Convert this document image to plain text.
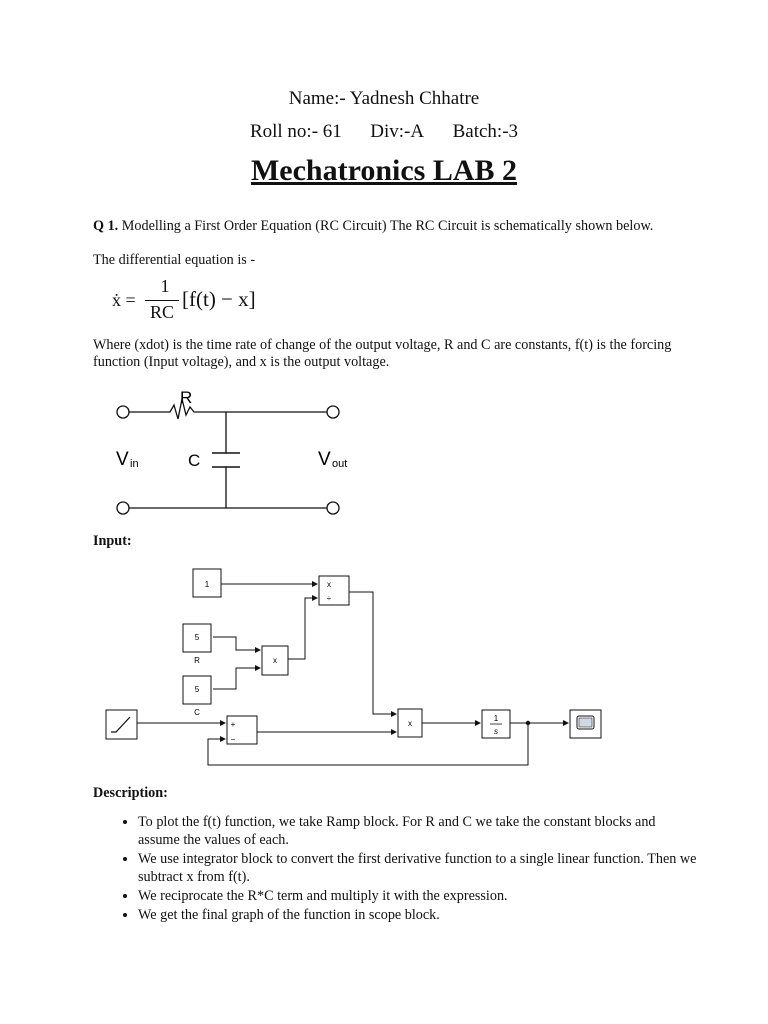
Name:- Yadnesh Chhatre
Roll no:- 61 Div:-A Batch:-3
Mechatronics LAB 2
Q 1. Modelling a First Order Equation (RC Circuit) The RC Circuit is schematically shown below.
The differential equation is -
ẋ =
1
RC
[f(t) − x]
Where (xdot) is the time rate of change of the output voltage, R and C are constants, f(t) is the forcing function (Input voltage), and x is the output voltage.
R
C
V in	V out
Input:
1
5
R
5
C
x
x
÷
+
−
x
1
s
Description:
• To plot the f(t) function, we take Ramp block. For R and C we take the constant blocks and assume the values of each.
• We use integrator block to convert the first derivative function to a single linear function. Then we subtract x from f(t).
• We reciprocate the R*C term and multiply it with the expression.
• We get the final graph of the function in scope block.
